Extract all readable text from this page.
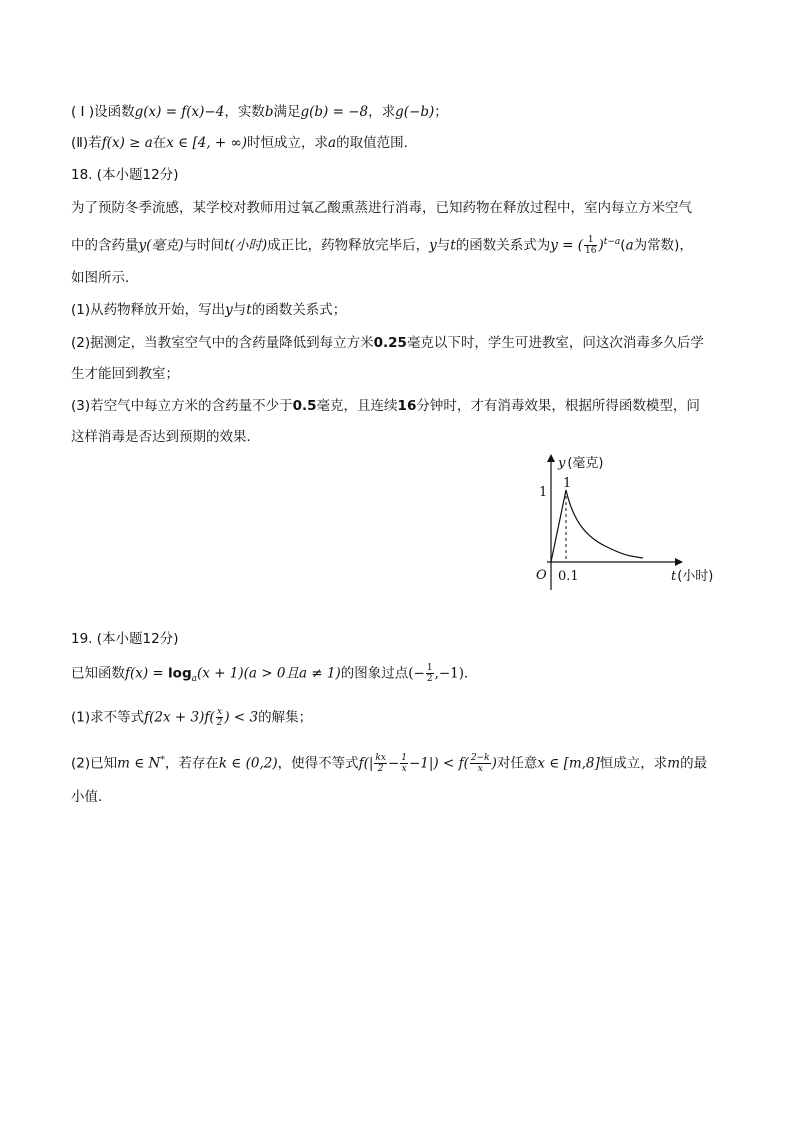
( Ⅰ )设函数g(x) = f(x)−4，实数b满足g(b) = −8，求g(−b)；
(Ⅱ)若f(x) ≥ a在x ∈ [4, + ∞)时恒成立，求a的取值范围．
18. (本小题12分)
为了预防冬季流感，某学校对教师用过氧乙酸熏蒸进行消毒，已知药物在释放过程中，室内每立方米空气
中的含药量y(毫克)与时间t(小时)成正比，药物释放完毕后，y与t的函数关系式为y = ( $\frac{1}{16} )^{t-a}(a$为常数)，
如图所示．
(1)从药物释放开始，写出y与t的函数关系式；
(2)据测定，当教室空气中的含药量降低到每立方米0.25毫克以下时，学生可进教室，问这次消毒多久后学
生才能回到教室；
(3)若空气中每立方米的含药量不少于0.5毫克，且连续16分钟时，才有消毒效果，根据所得函数模型，问
这样消毒是否达到预期的效果．
y (毫克)
1
1
O 0.1	t(小时)
19. (本小题12分)
已知函数$f(x) = \log_a(x + 1)(a > 0$且a ≠ 1)的图象过点(− $\frac{1}{2} ,-1$)．
(1)求不等式$f(2x + 3)f( \frac{x}{2}$ ) < 3的解集；
(2)已知m ∈ N*，若存在k ∈ (0,2)，使得不等式$f(| \frac{kx}{2} - \frac{1}{x} -1|) < f( \frac{2-k}{x}$ )对任意x ∈ [m,8]恒成立，求m的最
小值．
